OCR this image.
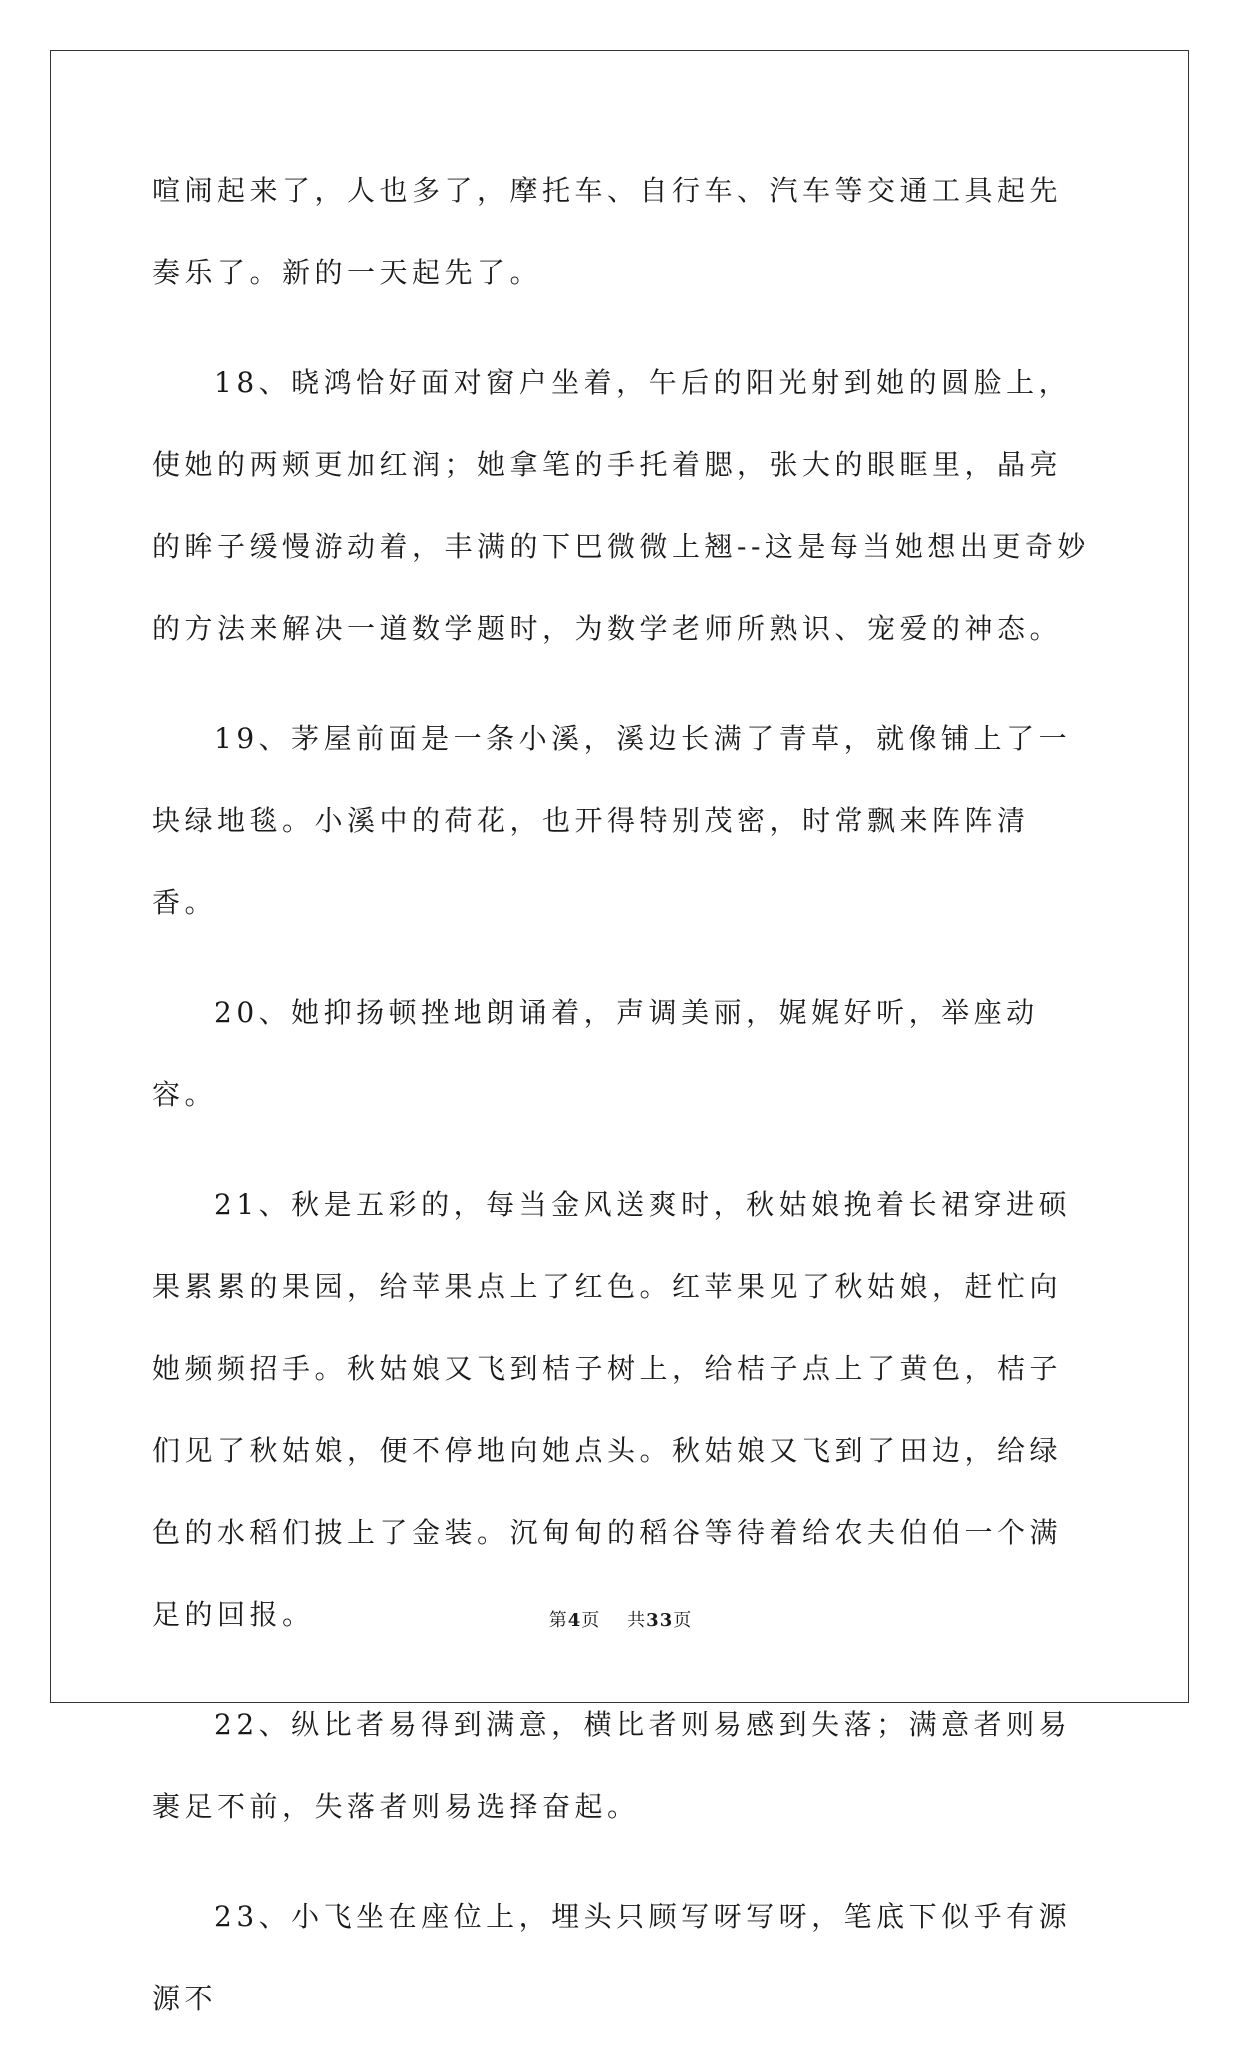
喧闹起来了，人也多了，摩托车、自行车、汽车等交通工具起先奏乐了。新的一天起先了。

18、晓鸿恰好面对窗户坐着，午后的阳光射到她的圆脸上，使她的两颊更加红润；她拿笔的手托着腮，张大的眼眶里，晶亮的眸子缓慢游动着，丰满的下巴微微上翘--这是每当她想出更奇妙的方法来解决一道数学题时，为数学老师所熟识、宠爱的神态。

19、茅屋前面是一条小溪，溪边长满了青草，就像铺上了一块绿地毯。小溪中的荷花，也开得特别茂密，时常飘来阵阵清香。

20、她抑扬顿挫地朗诵着，声调美丽，娓娓好听，举座动容。

21、秋是五彩的，每当金风送爽时，秋姑娘挽着长裙穿进硕果累累的果园，给苹果点上了红色。红苹果见了秋姑娘，赶忙向她频频招手。秋姑娘又飞到桔子树上，给桔子点上了黄色，桔子们见了秋姑娘，便不停地向她点头。秋姑娘又飞到了田边，给绿色的水稻们披上了金装。沉甸甸的稻谷等待着给农夫伯伯一个满足的回报。

22、纵比者易得到满意，横比者则易感到失落；满意者则易裹足不前，失落者则易选择奋起。

23、小飞坐在座位上，埋头只顾写呀写呀，笔底下似乎有源源不

第4页 共33页
